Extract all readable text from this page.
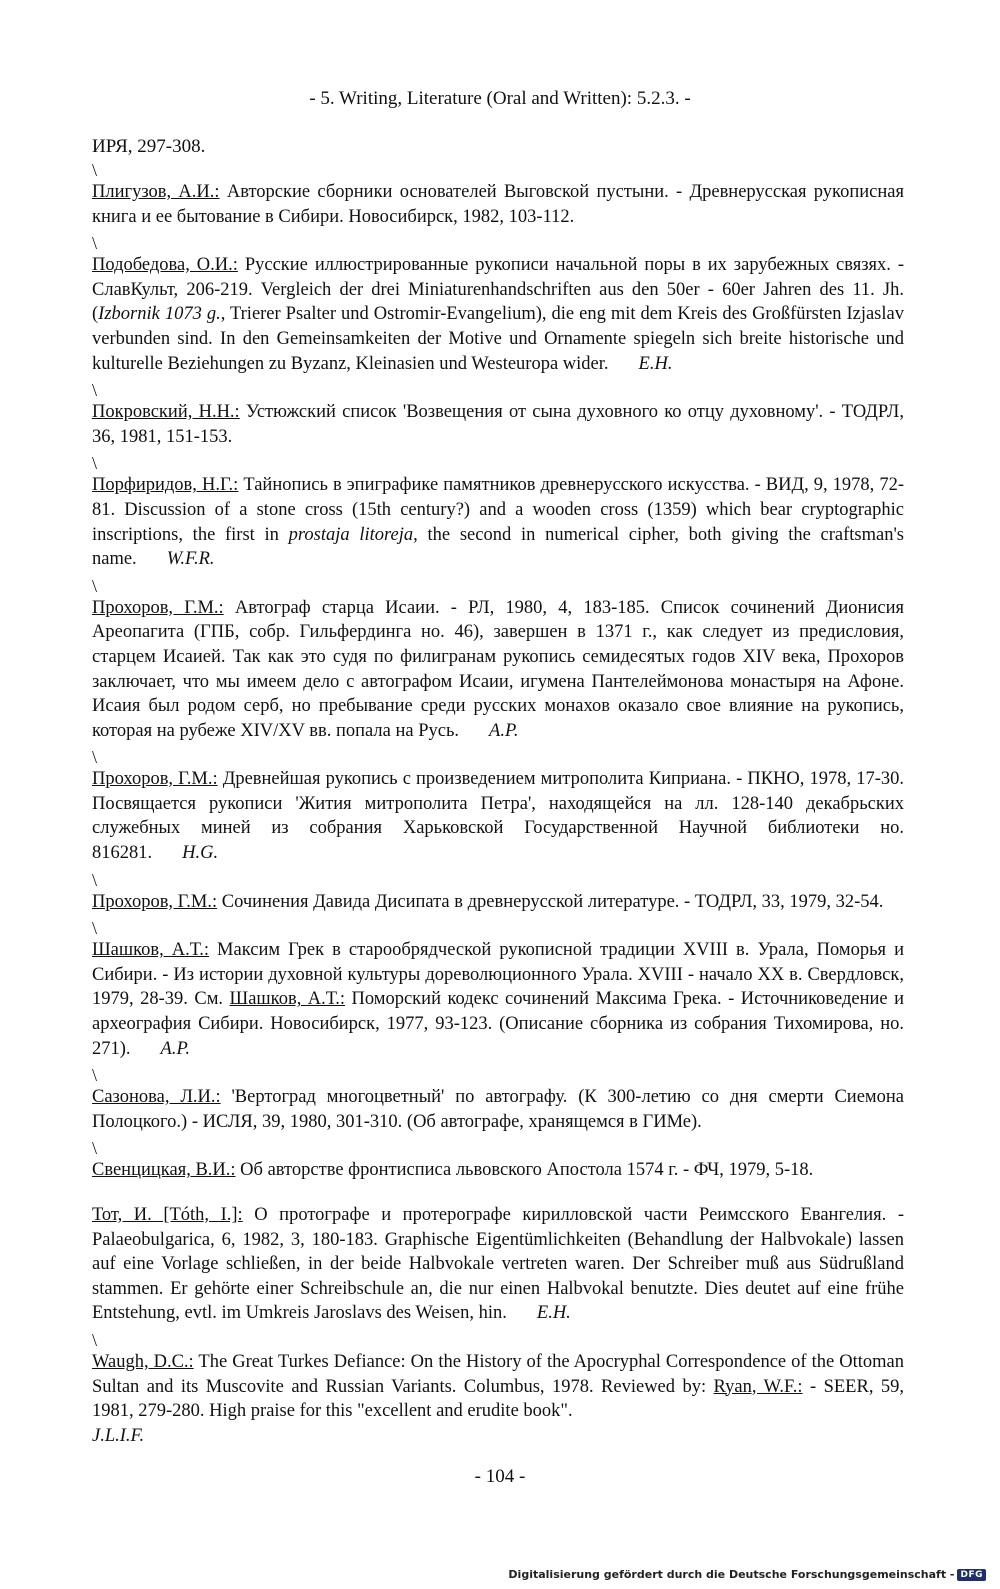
- 5. Writing, Literature (Oral and Written): 5.2.3. -
ИРЯ, 297-308.
\

Плигузов, А.И.: Авторские сборники основателей Выговской пустыни. - Древнерусская рукописная книга и ее бытование в Сибири. Новосибирск, 1982, 103-112.

\

Подобедова, О.И.: Русские иллюстрированные рукописи начальной поры в их зарубежных связях. - СлавКульт, 206-219. Vergleich der drei Miniaturenhandschriften aus den 50er - 60er Jahren des 11. Jh. (Izbornik 1073 g., Trierer Psalter und Ostromir-Evangelium), die eng mit dem Kreis des Großfürsten Izjaslav verbunden sind. In den Gemeinsamkeiten der Motive und Ornamente spiegeln sich breite historische und kulturelle Beziehungen zu Byzanz, Kleinasien und Westeuropa wider. E.H.

\

Покровский, Н.Н.: Устюжский список 'Возвещения от сына духовного ко отцу духовному'. - ТОДРЛ, 36, 1981, 151-153.

\

Порфиридов, Н.Г.: Тайнопись в эпиграфике памятников древнерусского искусства. - ВИД, 9, 1978, 72-81. Discussion of a stone cross (15th century?) and a wooden cross (1359) which bear cryptographic inscriptions, the first in prostaja litoreja, the second in numerical cipher, both giving the craftsman's name. W.F.R.

\

Прохоров, Г.М.: Автограф старца Исаии. - РЛ, 1980, 4, 183-185. Список сочинений Дионисия Ареопагита (ГПБ, собр. Гильфердинга но. 46), завершен в 1371 г., как следует из предисловия, старцем Исаией. Так как это судя по филигранам рукопись семидесятых годов XIV века, Прохоров заключает, что мы имеем дело с автографом Исаии, игумена Пантелеймонова монастыря на Афоне. Исаия был родом серб, но пребывание среди русских монахов оказало свое влияние на рукопись, которая на рубеже XIV/XV вв. попала на Русь. A.P.

\

Прохоров, Г.М.: Древнейшая рукопись с произведением митрополита Киприана. - ПКНО, 1978, 17-30. Посвящается рукописи 'Жития митрополита Петра', находящейся на лл. 128-140 декабрьских служебных миней из собрания Харьковской Государственной Научной библиотеки но. 816281. H.G.

\

Прохоров, Г.М.: Сочинения Давида Дисипата в древнерусской литературе. - ТОДРЛ, 33, 1979, 32-54.

\

Шашков, А.Т.: Максим Грек в старообрядческой рукописной традиции XVIII в. Урала, Поморья и Сибири. - Из истории духовной культуры дореволюционного Урала. XVIII - начало XX в. Свердловск, 1979, 28-39. См. Шашков, А.Т.: Поморский кодекс сочинений Максима Грека. - Источниковедение и археография Сибири. Новосибирск, 1977, 93-123. (Описание сборника из собрания Тихомирова, но. 271). A.P.

\

Сазонова, Л.И.: 'Вертоград многоцветный' по автографу. (К 300-летию со дня смерти Сиемона Полоцкого.) - ИСЛЯ, 39, 1980, 301-310. (Об автографе, хранящемся в ГИМе).

\

Свенцицкая, В.И.: Об авторстве фронтисписа львовского Апостола 1574 г. - ФЧ, 1979, 5-18.

Тот, И. [Tóth, I.]: О протографе и протерографе кирилловской части Реимсского Евангелия. - Palaeobulgarica, 6, 1982, 3, 180-183. Graphische Eigentümlichkeiten (Behandlung der Halbvokale) lassen auf eine Vorlage schließen, in der beide Halbvokale vertreten waren. Der Schreiber muß aus Südrußland stammen. Er gehörte einer Schreibschule an, die nur einen Halbvokal benutzte. Dies deutet auf eine frühe Entstehung, evtl. im Umkreis Jaroslavs des Weisen, hin. E.H.

\

Waugh, D.C.: The Great Turkes Defiance: On the History of the Apocryphal Correspondence of the Ottoman Sultan and its Muscovite and Russian Variants. Columbus, 1978. Reviewed by: Ryan, W.F.: - SEER, 59, 1981, 279-280. High praise for this "excellent and erudite book".
J.L.I.F.

- 104 -
Digitalisierung gefördert durch die Deutsche Forschungsgemeinschaft - DFG
